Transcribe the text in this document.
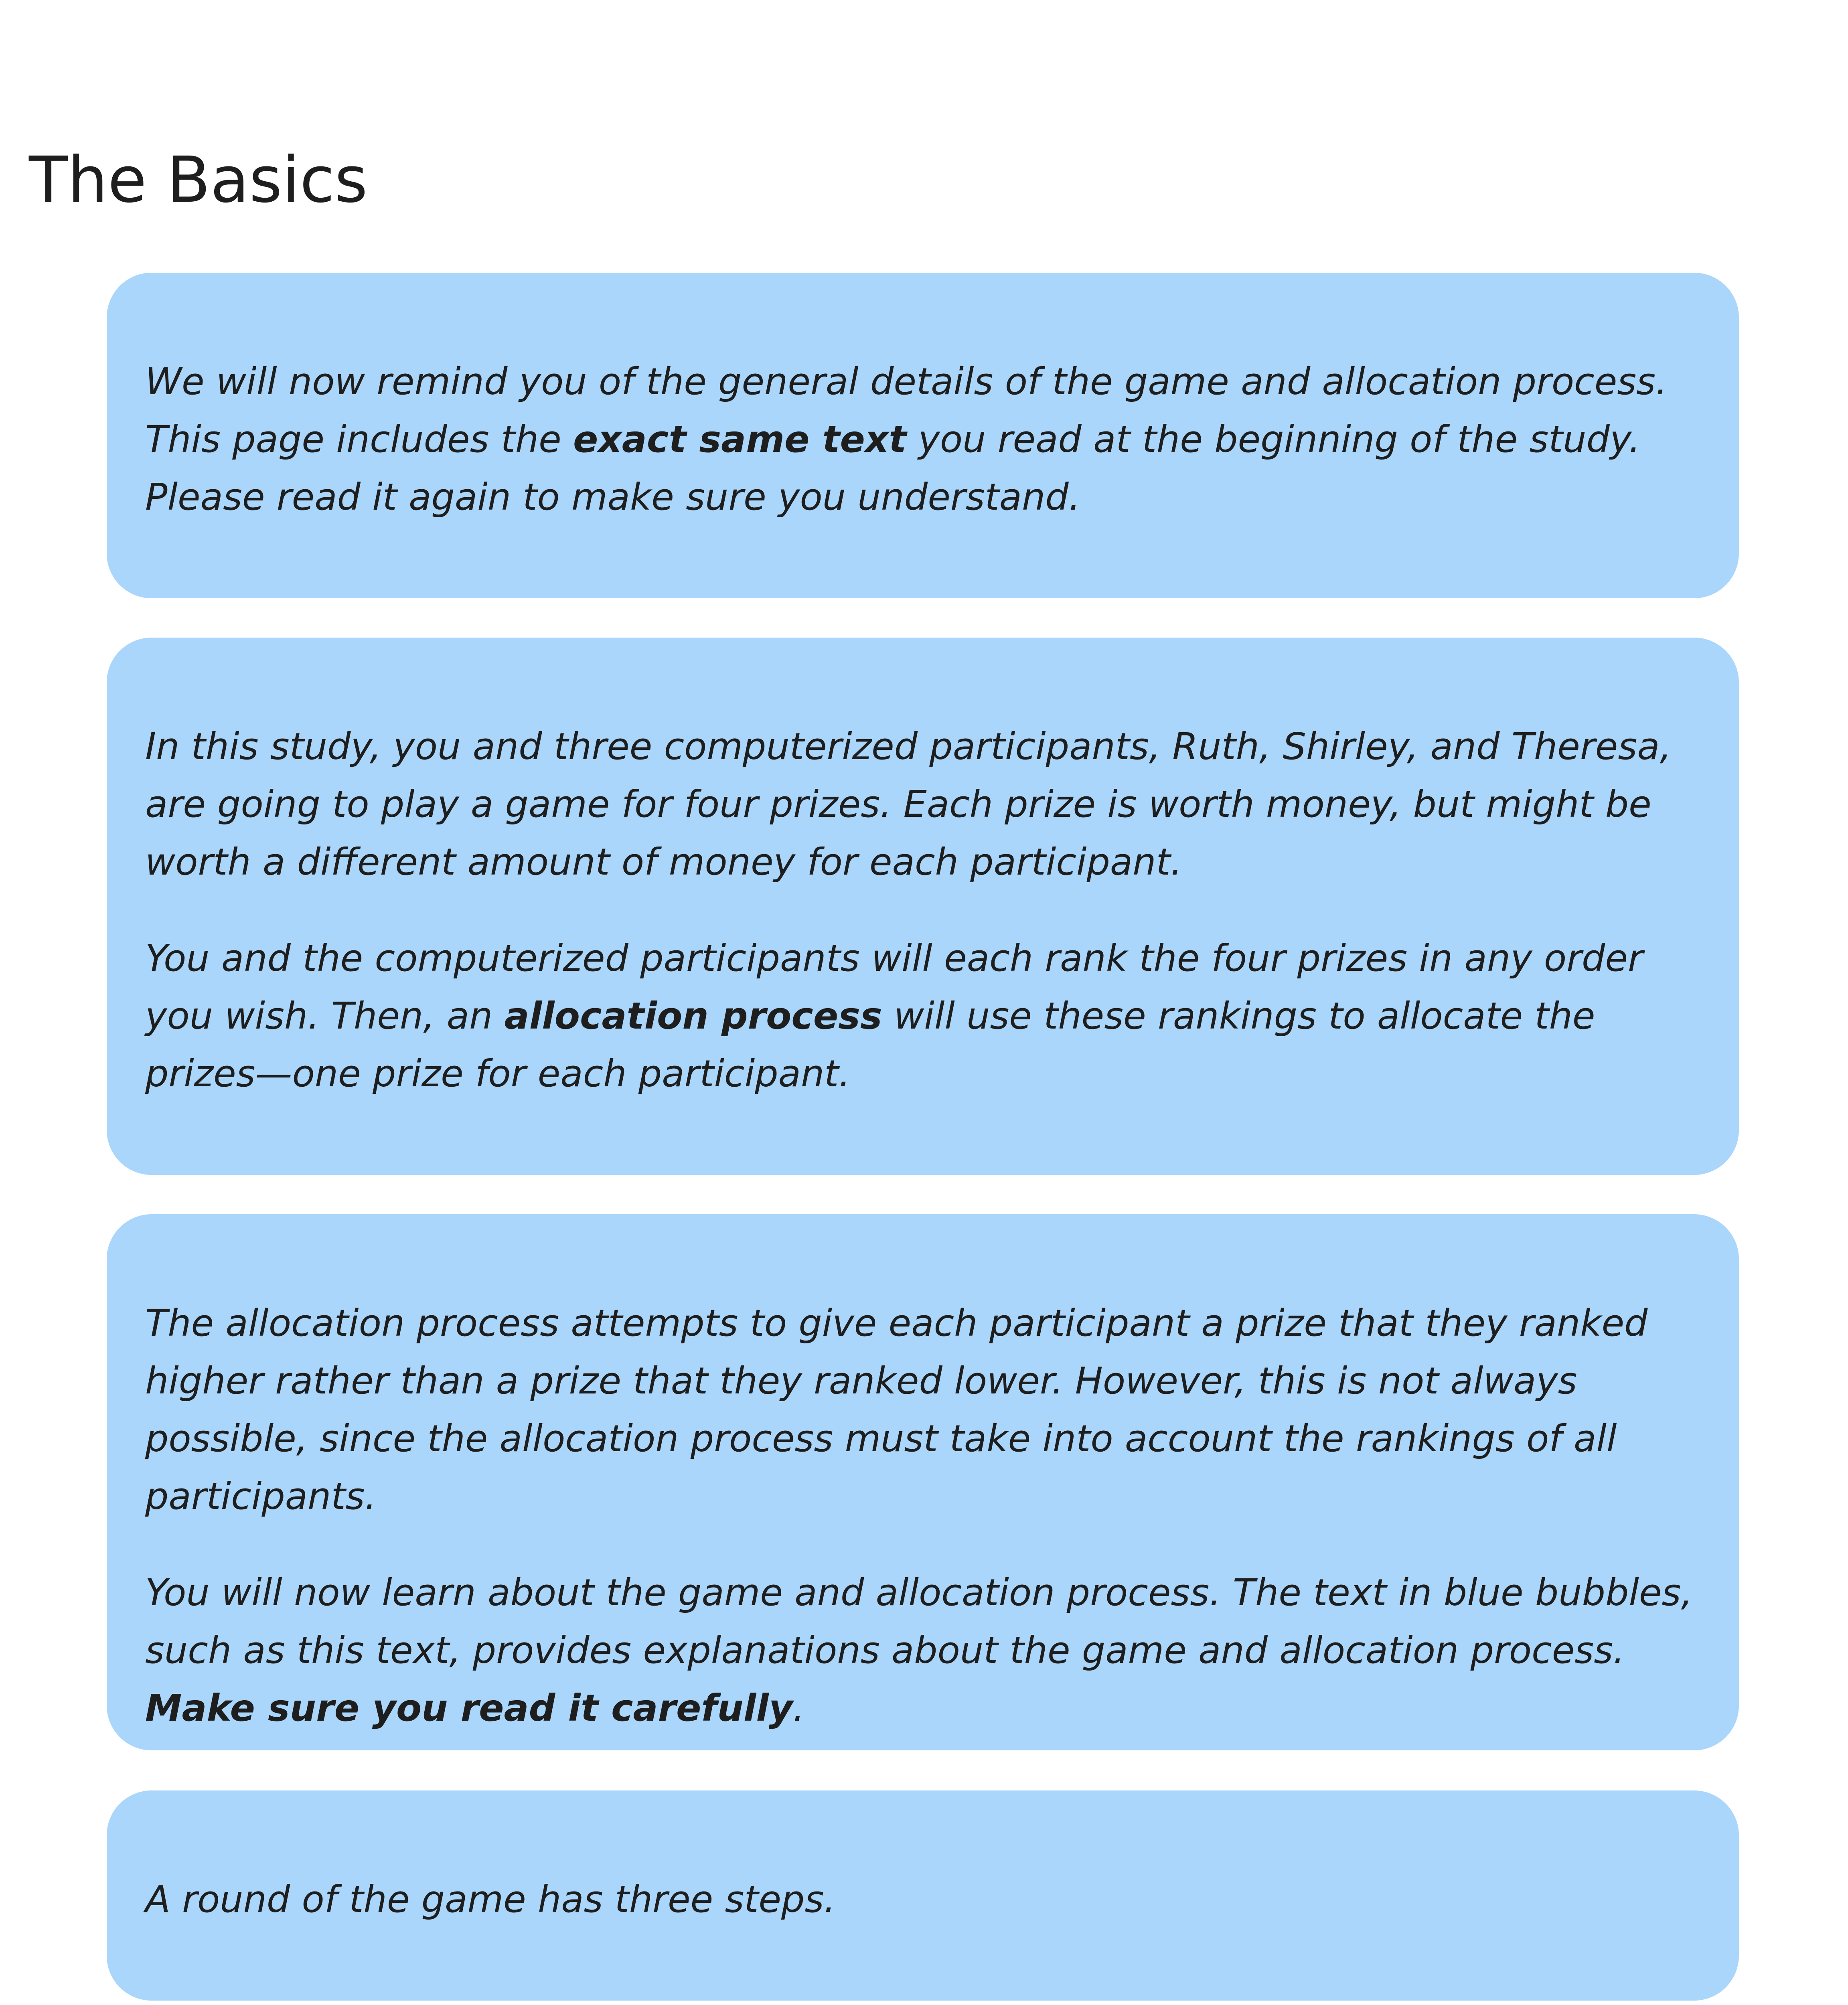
The Basics

We will now remind you of the general details of the game and allocation process. This page includes the exact same text you read at the beginning of the study. Please read it again to make sure you understand.

In this study, you and three computerized participants, Ruth, Shirley, and Theresa, are going to play a game for four prizes. Each prize is worth money, but might be worth a different amount of money for each participant.

You and the computerized participants will each rank the four prizes in any order you wish. Then, an allocation process will use these rankings to allocate the prizes—one prize for each participant.

The allocation process attempts to give each participant a prize that they ranked higher rather than a prize that they ranked lower. However, this is not always possible, since the allocation process must take into account the rankings of all participants.

You will now learn about the game and allocation process. The text in blue bubbles, such as this text, provides explanations about the game and allocation process. Make sure you read it carefully.

A round of the game has three steps.
